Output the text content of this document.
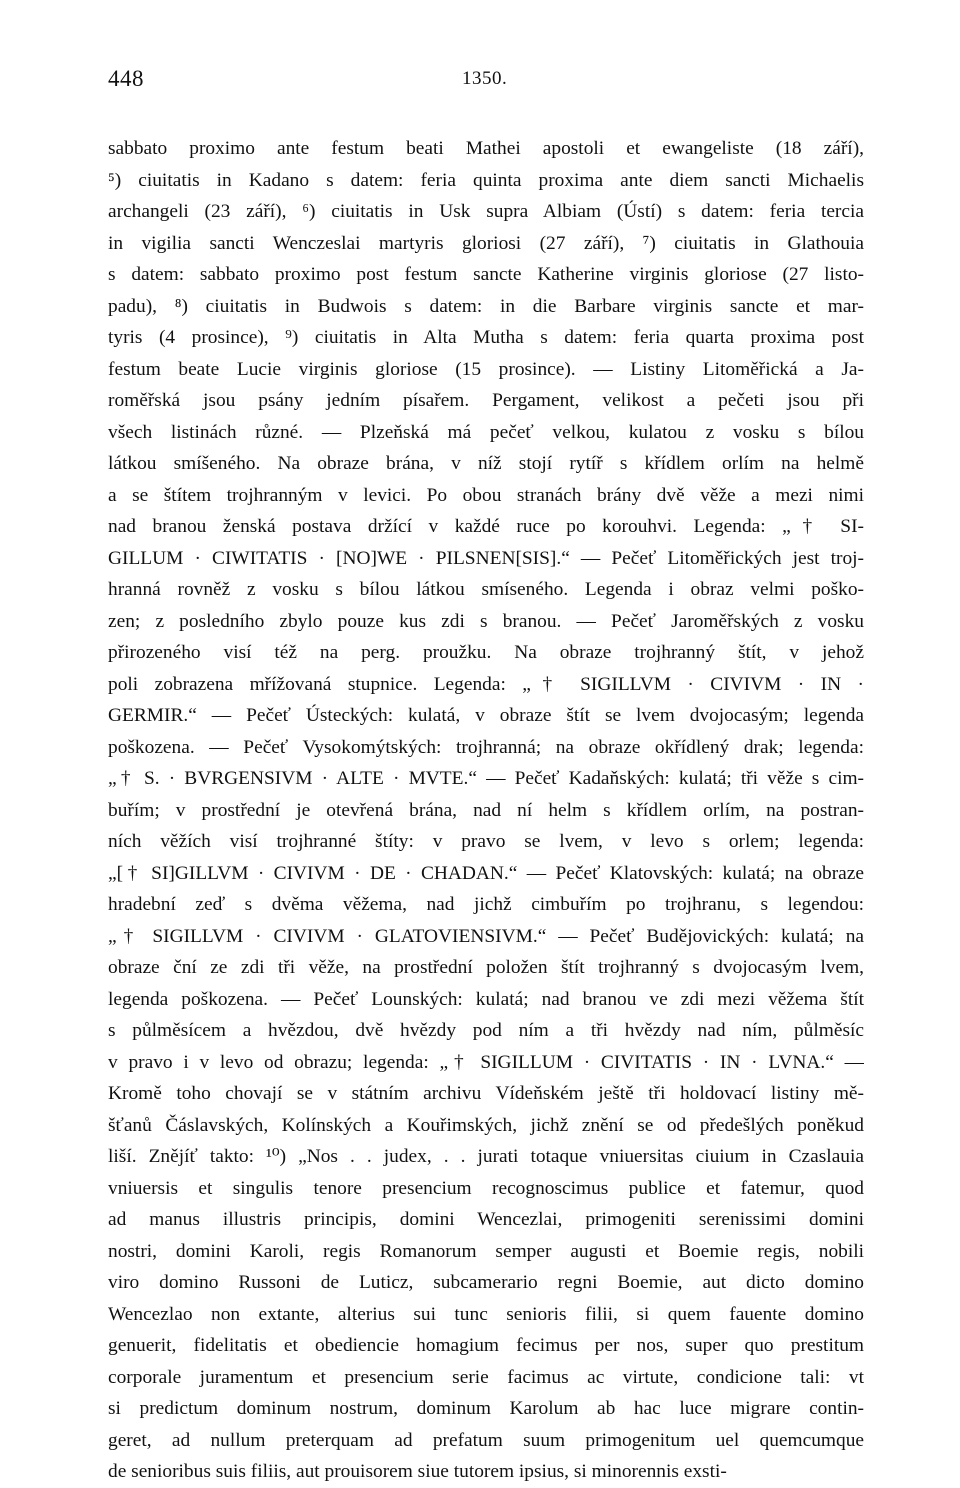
448	1350.
sabbato proximo ante festum beati Mathei apostoli et ewangeliste (18 září),
⁵) ciuitatis in Kadano s datem: feria quinta proxima ante diem sancti Michaelis
archangeli (23 září), ⁶) ciuitatis in Usk supra Albiam (Ústí) s datem: feria tercia
in vigilia sancti Wenczeslai martyris gloriosi (27 září), ⁷) ciuitatis in Glathouia
s datem: sabbato proximo post festum sancte Katherine virginis gloriose (27 listo-
padu), ⁸) ciuitatis in Budwois s datem: in die Barbare virginis sancte et mar-
tyris (4 prosince), ⁹) ciuitatis in Alta Mutha s datem: feria quarta proxima post
festum beate Lucie virginis gloriose (15 prosince). — Listiny Litoměřická a Ja-
roměřská jsou psány jedním písařem. Pergament, velikost a pečeti jsou při
všech listinách různé. — Plzeňská má pečeť velkou, kulatou z vosku s bílou
látkou smíšeného. Na obraze brána, v níž stojí rytíř s křídlem orlím na helmě
a se štítem trojhranným v levici. Po obou stranách brány dvě věže a mezi nimi
nad branou ženská postava držící v každé ruce po korouhvi. Legenda: „† SI-
GILLUM · CIWITATIS · [NO]WE · PILSNEN[SIS].“ — Pečeť Litoměřických jest troj-
hranná rovněž z vosku s bílou látkou smíseného. Legenda i obraz velmi poško-
zen; z posledního zbylo pouze kus zdi s branou. — Pečeť Jaroměřských z vosku
přirozeného visí též na perg. proužku. Na obraze trojhranný štít, v jehož
poli zobrazena mřížovaná stupnice. Legenda: „† SIGILLVM · CIVIVM · IN ·
GERMIR.“ — Pečeť Ústeckých: kulatá, v obraze štít se lvem dvojocasým; legenda
poškozena. — Pečeť Vysokomýtských: trojhranná; na obraze okřídlený drak; legenda:
„† S. · BVRGENSIVM · ALTE · MVTE.“ — Pečeť Kadaňských: kulatá; tři věže s cim-
buřím; v prostřední je otevřená brána, nad ní helm s křídlem orlím, na postran-
ních věžích visí trojhranné štíty: v pravo se lvem, v levo s orlem; legenda:
„[† SI]GILLVM · CIVIVM · DE · CHADAN.“ — Pečeť Klatovských: kulatá; na obraze
hradební zeď s dvěma věžema, nad jichž cimbuřím po trojhranu, s legendou:
„† SIGILLVM · CIVIVM · GLATOVIENSIVM.“ — Pečeť Budějovických: kulatá; na
obraze ční ze zdi tři věže, na prostřední položen štít trojhranný s dvojocasým lvem,
legenda poškozena. — Pečeť Lounských: kulatá; nad branou ve zdi mezi věžema štít
s půlměsícem a hvězdou, dvě hvězdy pod ním a tři hvězdy nad ním, půlměsíc
v pravo i v levo od obrazu; legenda: „† SIGILLUM · CIVITATIS · IN · LVNA.“ —
Kromě toho chovají se v státním archivu Vídeňském ještě tři holdovací listiny mě-
šťanů Čáslavských, Kolínských a Kouřimských, jichž znění se od předešlých poněkud
liší. Znějíť takto: ¹⁰) „Nos . . judex, . . jurati totaque vniuersitas ciuium in Czaslauia
vniuersis et singulis tenore presencium recognoscimus publice et fatemur, quod
ad manus illustris principis, domini Wencezlai, primogeniti serenissimi domini
nostri, domini Karoli, regis Romanorum semper augusti et Boemie regis, nobili
viro domino Russoni de Luticz, subcamerario regni Boemie, aut dicto domino
Wencezlao non extante, alterius sui tunc senioris filii, si quem fauente domino
genuerit, fidelitatis et obediencie homagium fecimus per nos, super quo prestitum
corporale juramentum et presencium serie facimus ac virtute, condicione tali: vt
si predictum dominum nostrum, dominum Karolum ab hac luce migrare contin-
geret, ad nullum preterquam ad prefatum suum primogenitum uel quemcumque
de senioribus suis filiis, aut prouisorem siue tutorem ipsius, si minorennis exsti-
